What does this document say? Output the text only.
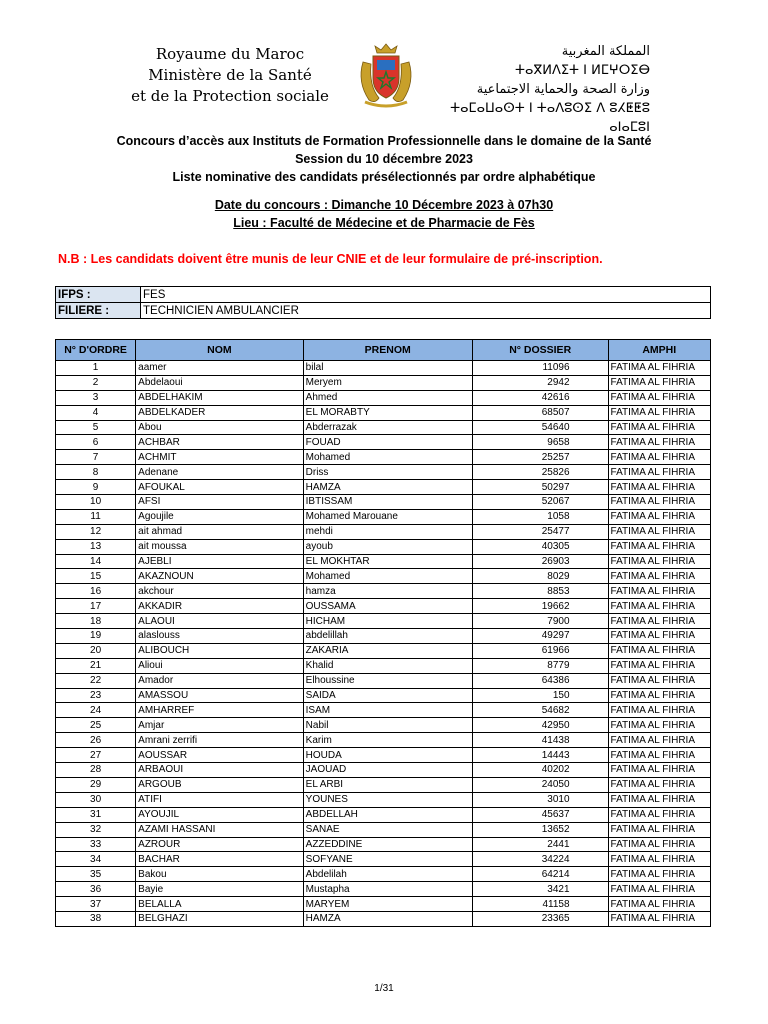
Royaume du Maroc
Ministère de la Santé
et de la Protection sociale
المملكة المغربية
ⵜⴰⴳⵍⴷⵉⵜ ⵏ ⵍⵎⵖⵔⵉⴱ
وزارة الصحة والحماية الاجتماعية
ⵜⴰⵎⴰⵡⴰⵙⵜ ⵏ ⵜⴰⴷⵓⵙⵉ ⴷ ⵓⵃⵟⵟⵓ ⴰⵏⴰⵎⵓⵏ
Concours d’accès aux Instituts de Formation Professionnelle dans le domaine de la Santé
Session du 10 décembre 2023
Liste nominative des candidats présélectionnés par ordre alphabétique
Date du concours : Dimanche 10 Décembre 2023 à 07h30
Lieu : Faculté de Médecine et de Pharmacie de Fès
N.B : Les candidats doivent être munis de leur CNIE et de leur formulaire de pré-inscription.
IFPS :	FES
FILIERE :	TECHNICIEN AMBULANCIER
N° D'ORDRE	NOM	PRENOM	N° DOSSIER	AMPHI
1	aamer	bilal	11096	FATIMA AL FIHRIA
2	Abdelaoui	Meryem	2942	FATIMA AL FIHRIA
3	ABDELHAKIM	Ahmed	42616	FATIMA AL FIHRIA
4	ABDELKADER	EL MORABTY	68507	FATIMA AL FIHRIA
5	Abou	Abderrazak	54640	FATIMA AL FIHRIA
6	ACHBAR	FOUAD	9658	FATIMA AL FIHRIA
7	ACHMIT	Mohamed	25257	FATIMA AL FIHRIA
8	Adenane	Driss	25826	FATIMA AL FIHRIA
9	AFOUKAL	HAMZA	50297	FATIMA AL FIHRIA
10	AFSI	IBTISSAM	52067	FATIMA AL FIHRIA
11	Agoujile	Mohamed Marouane	1058	FATIMA AL FIHRIA
12	ait ahmad	mehdi	25477	FATIMA AL FIHRIA
13	ait moussa	ayoub	40305	FATIMA AL FIHRIA
14	AJEBLI	EL MOKHTAR	26903	FATIMA AL FIHRIA
15	AKAZNOUN	Mohamed	8029	FATIMA AL FIHRIA
16	akchour	hamza	8853	FATIMA AL FIHRIA
17	AKKADIR	OUSSAMA	19662	FATIMA AL FIHRIA
18	ALAOUI	HICHAM	7900	FATIMA AL FIHRIA
19	alaslouss	abdelillah	49297	FATIMA AL FIHRIA
20	ALIBOUCH	ZAKARIA	61966	FATIMA AL FIHRIA
21	Alioui	Khalid	8779	FATIMA AL FIHRIA
22	Amador	Elhoussine	64386	FATIMA AL FIHRIA
23	AMASSOU	SAIDA	150	FATIMA AL FIHRIA
24	AMHARREF	ISAM	54682	FATIMA AL FIHRIA
25	Amjar	Nabil	42950	FATIMA AL FIHRIA
26	Amrani zerrifi	Karim	41438	FATIMA AL FIHRIA
27	AOUSSAR	HOUDA	14443	FATIMA AL FIHRIA
28	ARBAOUI	JAOUAD	40202	FATIMA AL FIHRIA
29	ARGOUB	EL ARBI	24050	FATIMA AL FIHRIA
30	ATIFI	YOUNES	3010	FATIMA AL FIHRIA
31	AYOUJIL	ABDELLAH	45637	FATIMA AL FIHRIA
32	AZAMI HASSANI	SANAE	13652	FATIMA AL FIHRIA
33	AZROUR	AZZEDDINE	2441	FATIMA AL FIHRIA
34	BACHAR	SOFYANE	34224	FATIMA AL FIHRIA
35	Bakou	Abdelilah	64214	FATIMA AL FIHRIA
36	Bayie	Mustapha	3421	FATIMA AL FIHRIA
37	BELALLA	MARYEM	41158	FATIMA AL FIHRIA
38	BELGHAZI	HAMZA	23365	FATIMA AL FIHRIA
1/31
